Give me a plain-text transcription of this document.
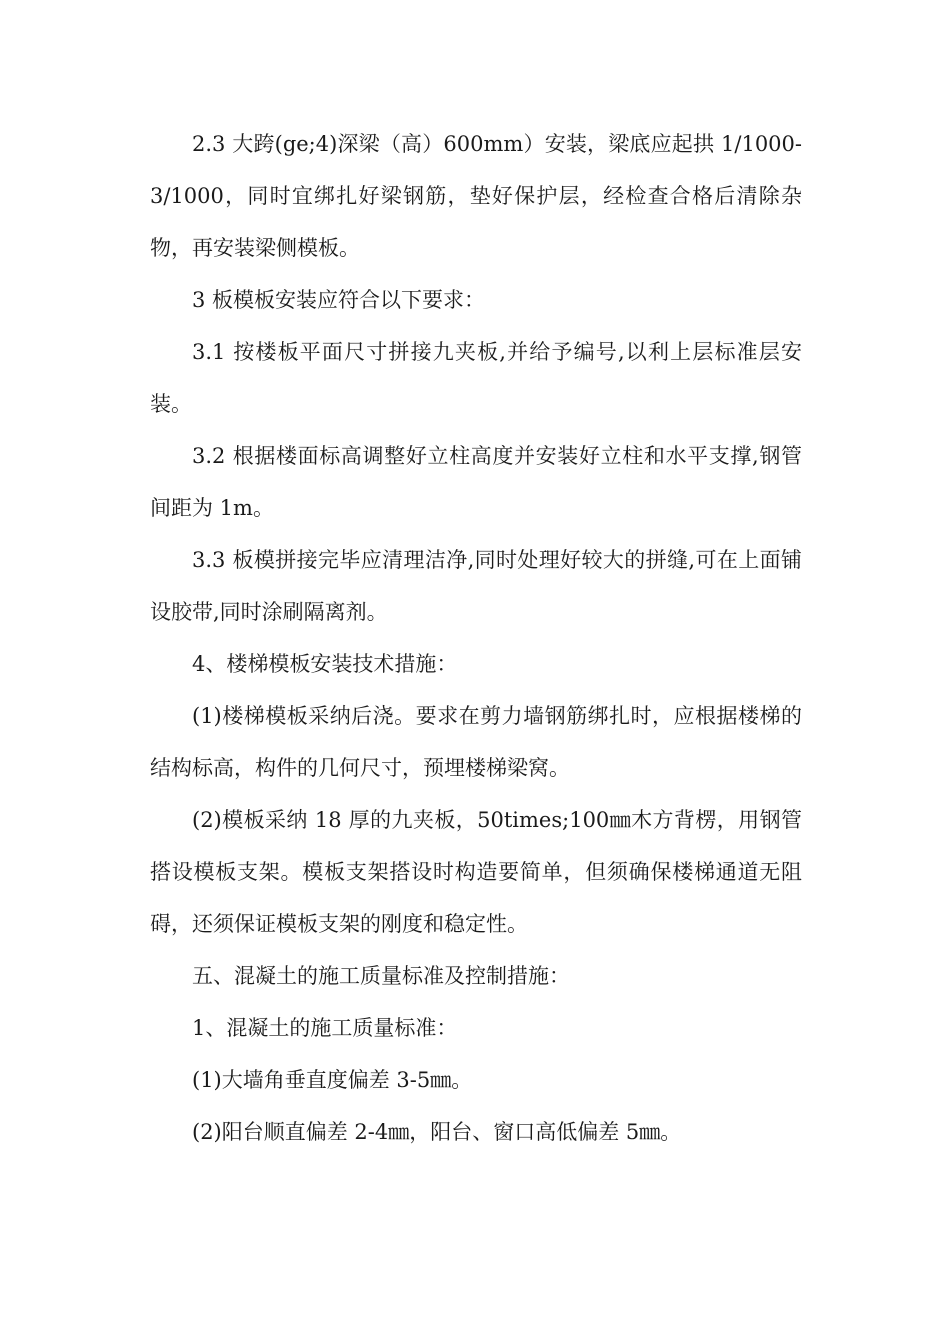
2.3 大跨(ge;4)深梁（高）600mm）安装，梁底应起拱 1/1000-3/1000，同时宜绑扎好梁钢筋，垫好保护层，经检查合格后清除杂物，再安装梁侧模板。

3 板模板安装应符合以下要求：

3.1 按楼板平面尺寸拼接九夹板,并给予编号,以利上层标准层安装。

3.2 根据楼面标高调整好立柱高度并安装好立柱和水平支撑,钢管间距为 1m。

3.3 板模拼接完毕应清理洁净,同时处理好较大的拼缝,可在上面铺设胶带,同时涂刷隔离剂。

4、楼梯模板安装技术措施：

(1)楼梯模板采纳后浇。要求在剪力墙钢筋绑扎时，应根据楼梯的结构标高，构件的几何尺寸，预埋楼梯梁窝。

(2)模板采纳 18 厚的九夹板，50times;100㎜木方背楞，用钢管搭设模板支架。模板支架搭设时构造要简单，但须确保楼梯通道无阻碍，还须保证模板支架的刚度和稳定性。

五、混凝土的施工质量标准及控制措施：

1、混凝土的施工质量标准：

(1)大墙角垂直度偏差 3-5㎜。

(2)阳台顺直偏差 2-4㎜，阳台、窗口高低偏差 5㎜。
